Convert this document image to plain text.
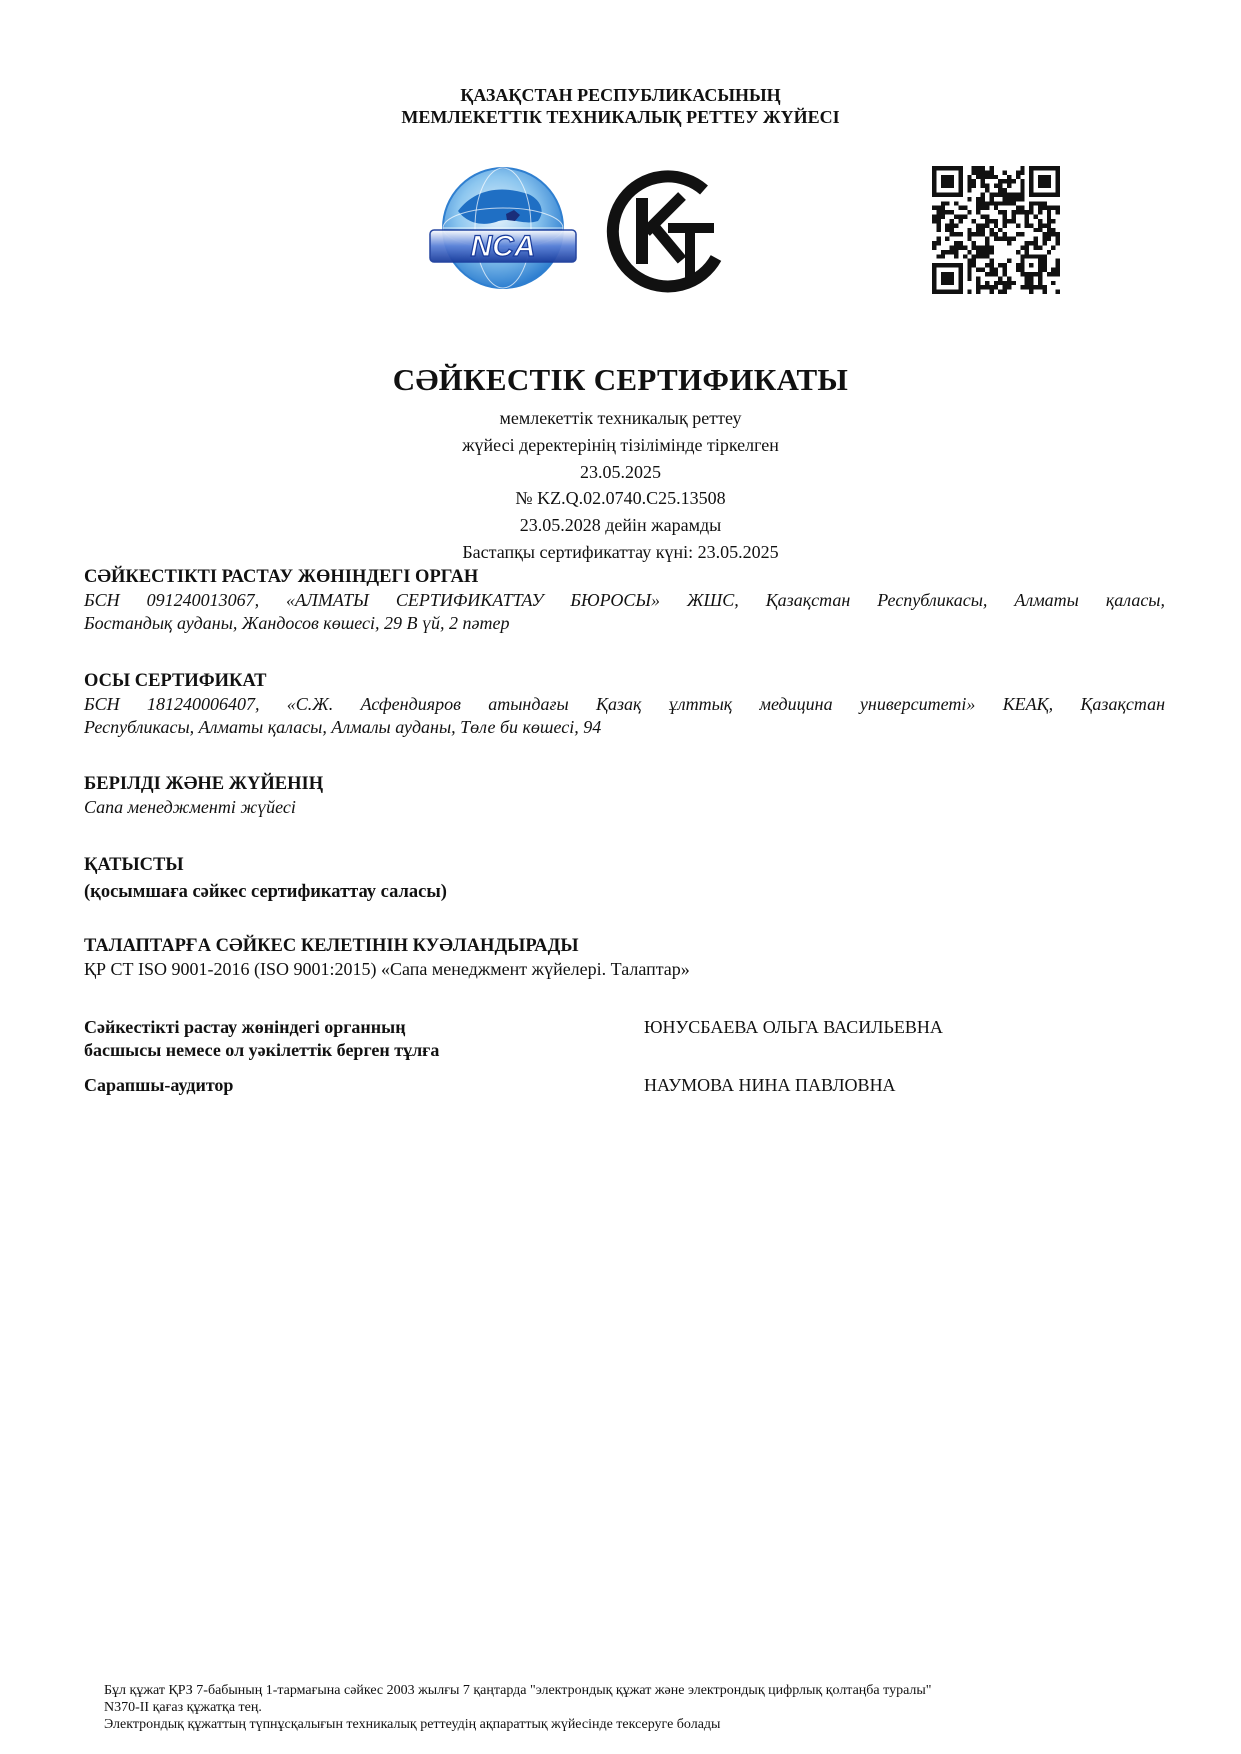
ҚАЗАҚСТАН РЕСПУБЛИКАСЫНЫҢ
МЕМЛЕКЕТТІК ТЕХНИКАЛЫҚ РЕТТЕУ ЖҮЙЕСІ
NCA
СӘЙКЕСТІК СЕРТИФИКАТЫ
мемлекеттік техникалық реттеу
жүйесі деректерінің тізілімінде тіркелген
23.05.2025
№ KZ.Q.02.0740.C25.13508
23.05.2028 дейін жарамды
Бастапқы сертификаттау күні: 23.05.2025
СӘЙКЕСТІКТІ РАСТАУ ЖӨНІНДЕГІ ОРГАН
БСН 091240013067, «АЛМАТЫ СЕРТИФИКАТТАУ БЮРОСЫ» ЖШС, Қазақстан Республикасы, Алматы қаласы,
Бостандық ауданы, Жандосов көшесі, 29 В үй, 2 пәтер
ОСЫ СЕРТИФИКАТ
БСН 181240006407, «С.Ж. Асфендияров атындағы Қазақ ұлттық медицина университеті» КЕАҚ, Қазақстан
Республикасы, Алматы қаласы, Алмалы ауданы, Төле би көшесі, 94
БЕРІЛДІ ЖӘНЕ ЖҮЙЕНІҢ
Сапа менеджменті жүйесі
ҚАТЫСТЫ
(қосымшаға сәйкес сертификаттау саласы)
ТАЛАПТАРҒА СӘЙКЕС КЕЛЕТІНІН КУӘЛАНДЫРАДЫ
ҚР СТ ISO 9001-2016 (ISO 9001:2015) «Сапа менеджмент жүйелері. Талаптар»
Сәйкестікті растау жөніндегі органның
басшысы немесе ол уәкілеттік берген тұлға
ЮНУСБАЕВА ОЛЬГА ВАСИЛЬЕВНА
Сарапшы-аудитор	НАУМОВА НИНА ПАВЛОВНА
Бұл құжат ҚРЗ 7-бабының 1-тармағына сәйкес 2003 жылғы 7 қаңтарда "электрондық құжат және электрондық цифрлық қолтаңба туралы"
N370-II қағаз құжатқа тең.
Электрондық құжаттың түпнұсқалығын техникалық реттеудің ақпараттық жүйесінде тексеруге болады
